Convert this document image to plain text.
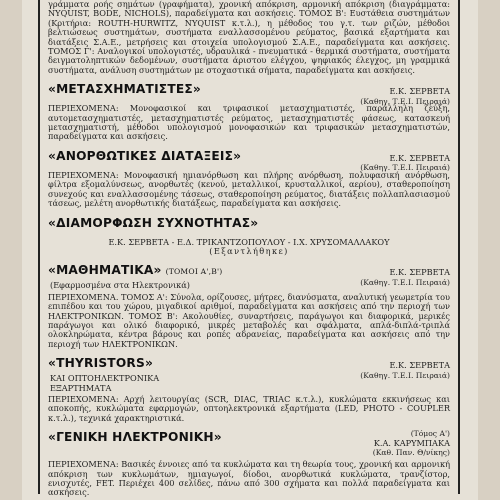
γράμματα ροής σημάτων (γραφήματα), χρονική απόκριση, αρμονική απόκριση (διαγράμματα: NYQUIST, BODE, NICHOLS), παραδείγματα και ασκήσεις. ΤΟΜΟΣ Β': Ευστάθεια συστημάτων (Κριτήρια: ROUTH-HURWITZ, NYQUIST κ.τ.λ.), η μέθοδος του γ.τ. των ριζών, μέθοδοι βελτιώσεως συστημάτων, συστήματα εναλλασσομένου ρεύματος, βασικά εξαρτήματα και διατάξεις Σ.Α.Ε., μετρήσεις και στοιχεία υπολογισμού Σ.Α.Ε., παραδείγματα και ασκήσεις. ΤΟΜΟΣ Γ': Αναλογικοί υπολογιστές, υδραυλικά - πνευματικά - θερμικά συστήματα, συστήματα δειγματοληπτικών δεδομένων, συστήματα άριστου ελέγχου, ψηφιακός έλεγχος, μη γραμμικά συστήματα, ανάλυση συστημάτων με στοχαστικά σήματα, παραδείγματα και ασκήσεις.

«ΜΕΤΑΣΧΗΜΑΤΙΣΤΕΣ»	Ε.Κ. ΣΕΡΒΕΤΑ
(Καθηγ. Τ.Ε.Ι. Πειραιά)

ΠΕΡΙΕΧΟΜΕΝΑ: Μονοφασικοί και τριφασικοί μετασχηματιστές, παράλληλη ζεύξη, αυτομετασχηματιστές, μετασχηματιστές ρεύματος, μετασχηματιστές φάσεως, κατασκευή μετασχηματιστή, μέθοδοι υπολογισμού μονοφασικών και τριφασικών μετασχηματιστών, παραδείγματα και ασκήσεις.

«ΑΝΟΡΘΩΤΙΚΕΣ ΔΙΑΤΑΞΕΙΣ»	Ε.Κ. ΣΕΡΒΕΤΑ
(Καθηγ. Τ.Ε.Ι. Πειραιά)

ΠΕΡΙΕΧΟΜΕΝΑ: Μονοφασική ημιανόρθωση και πλήρης ανόρθωση, πολυφασική ανόρθωση, φίλτρα εξομαλύνσεως, ανορθωτές (κενού, μεταλλικοί, κρυσταλλικοί, αερίου), σταθεροποίηση συνεχούς και εναλλασσομένης τάσεως, σταθεροποίηση ρεύματος, διατάξεις πολλαπλασιασμού τάσεως, μελέτη ανορθωτικής διατάξεως, παραδείγματα και ασκήσεις.

«ΔΙΑΜΟΡΦΩΣΗ ΣΥΧΝΟΤΗΤΑΣ»

Ε.Κ. ΣΕΡΒΕΤΑ - Ε.Δ. ΤΡΙΚΑΝΤΖΟΠΟΥΛΟΥ - Ι.Χ. ΧΡΥΣΟΜΑΛΛΑΚΟΥ

(Εξαντλήθηκε)

«ΜΑΘΗΜΑΤΙΚΑ» (ΤΟΜΟΙ Α',Β')	Ε.Κ. ΣΕΡΒΕΤΑ
(Καθηγ. Τ.Ε.Ι. Πειραιά)

(Εφαρμοσμένα στα Ηλεκτρονικά)

ΠΕΡΙΕΧΟΜΕΝΑ. ΤΟΜΟΣ Α': Σύνολα, ορίζουσες, μήτρες, διανύσματα, αναλυτική γεωμετρία του επιπέδου και του χώρου, μιγαδικοί αριθμοί, παραδείγματα και ασκήσεις από την περιοχή των ΗΛΕΚΤΡΟΝΙΚΩΝ. ΤΟΜΟΣ Β': Ακολουθίες, συναρτήσεις, παράγωγοι και διαφορικά, μερικές παράγωγοι και ολικό διαφορικό, μικρές μεταβολές και σφάλματα, απλά-διπλά-τριπλά ολοκληρώματα, κέντρα βάρους και ροπές αδρανείας, παραδείγματα και ασκήσεις από την περιοχή των ΗΛΕΚΤΡΟΝΙΚΩΝ.

«THYRISTORS»	Ε.Κ. ΣΕΡΒΕΤΑ
(Καθηγ. Τ.Ε.Ι. Πειραιά)

ΚΑΙ ΟΠΤΟΗΛΕΚΤΡΟΝΙΚΑ

ΕΞΑΡΤΗΜΑΤΑ

ΠΕΡΙΕΧΟΜΕΝΑ: Αρχή λειτουργίας (SCR, DIAC, TRIAC κ.τ.λ.), κυκλώματα εκκινήσεως και αποκοπής, κυκλώματα εφαρμογών, οπτοηλεκτρονικά εξαρτήματα (LED, PHOTO - COUPLER κ.τ.λ.), τεχνικά χαρακτηριστικά.

«ΓΕΝΙΚΗ ΗΛΕΚΤΡΟΝΙΚΗ»	(Τόμος Α')
Κ.Α. ΚΑΡΥΜΠΑΚΑ
(Καθ. Παν. Θ/νίκης)

ΠΕΡΙΕΧΟΜΕΝΑ: Βασικές έννοιες από τα κυκλώματα και τη θεωρία τους, χρονική και αρμονική απόκριση των κυκλωμάτων, ημιαγωγοί, δίοδοι, ανορθωτικά κυκλώματα, τρανζίστορ, ενισχυτές, FET. Περιέχει 400 σελίδες, πάνω από 300 σχήματα και πολλά παραδείγματα και ασκήσεις.
